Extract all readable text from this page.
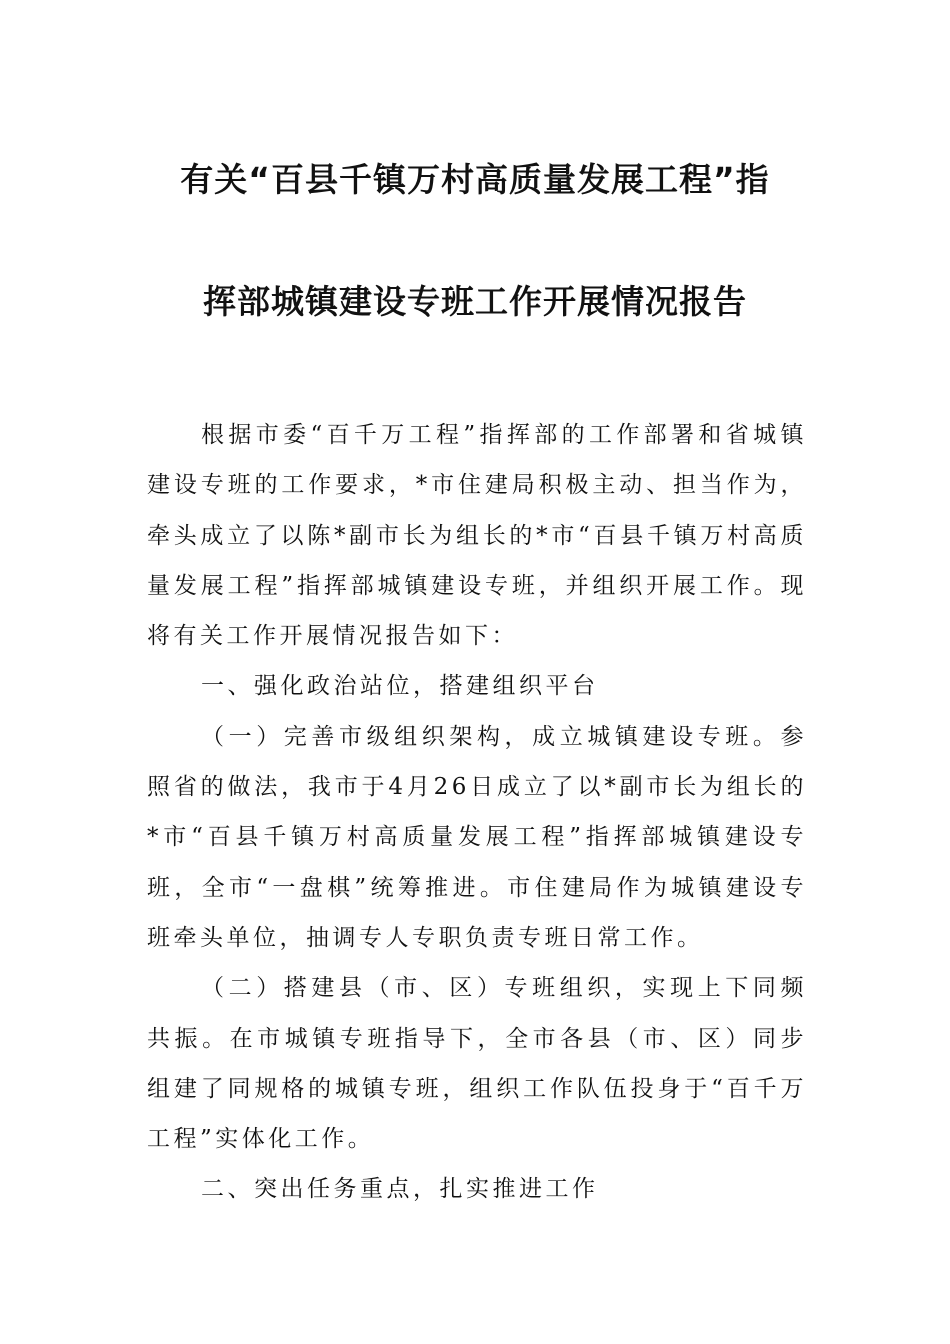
有关“百县千镇万村高质量发展工程”指
挥部城镇建设专班工作开展情况报告

根据市委“百千万工程”指挥部的工作部署和省城镇建设专班的工作要求，*市住建局积极主动、担当作为，牵头成立了以陈*副市长为组长的*市“百县千镇万村高质量发展工程”指挥部城镇建设专班，并组织开展工作。现将有关工作开展情况报告如下：

一、强化政治站位，搭建组织平台

（一）完善市级组织架构，成立城镇建设专班。参照省的做法，我市于4月26日成立了以*副市长为组长的*市“百县千镇万村高质量发展工程”指挥部城镇建设专班，全市“一盘棋”统筹推进。市住建局作为城镇建设专班牵头单位，抽调专人专职负责专班日常工作。

（二）搭建县（市、区）专班组织，实现上下同频共振。在市城镇专班指导下，全市各县（市、区）同步组建了同规格的城镇专班，组织工作队伍投身于“百千万工程”实体化工作。

二、突出任务重点，扎实推进工作
